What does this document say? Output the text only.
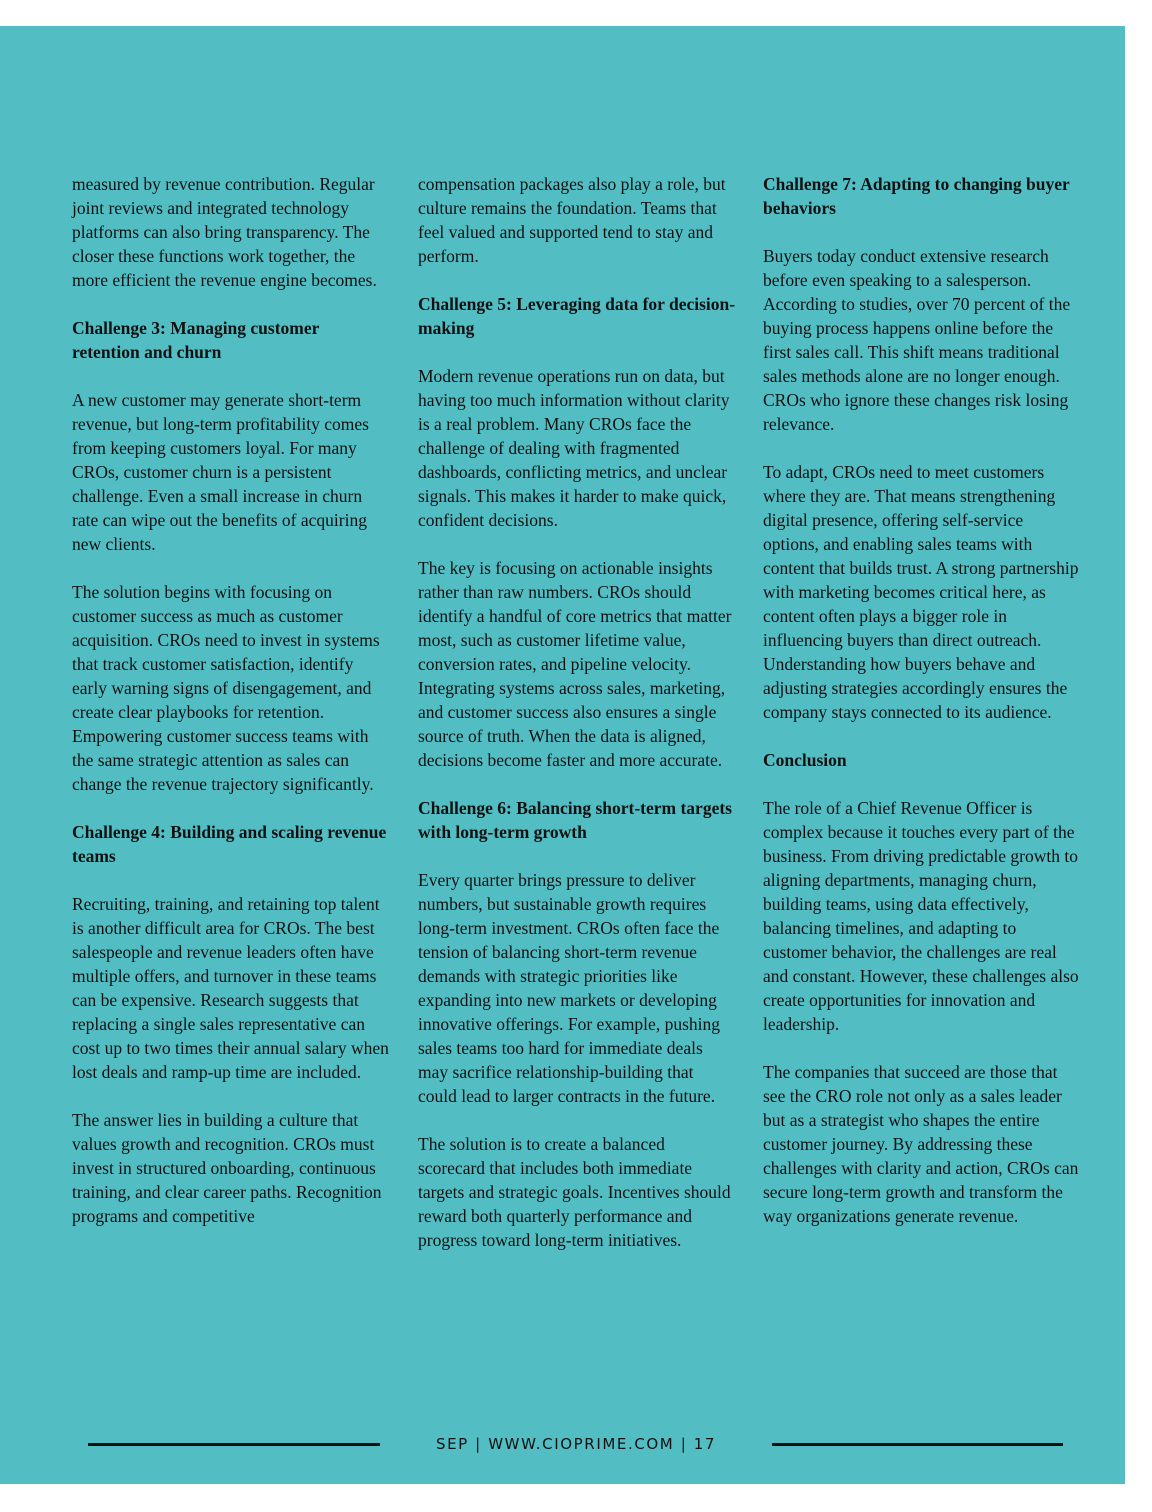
measured by revenue contribution. Regular joint reviews and integrated technology platforms can also bring transparency. The closer these functions work together, the more efficient the revenue engine becomes.

Challenge 3: Managing customer retention and churn

A new customer may generate short-term revenue, but long-term profitability comes from keeping customers loyal. For many CROs, customer churn is a persistent challenge. Even a small increase in churn rate can wipe out the benefits of acquiring new clients.

The solution begins with focusing on customer success as much as customer acquisition. CROs need to invest in systems that track customer satisfaction, identify early warning signs of disengagement, and create clear playbooks for retention. Empowering customer success teams with the same strategic attention as sales can change the revenue trajectory significantly.

Challenge 4: Building and scaling revenue teams

Recruiting, training, and retaining top talent is another difficult area for CROs. The best salespeople and revenue leaders often have multiple offers, and turnover in these teams can be expensive. Research suggests that replacing a single sales representative can cost up to two times their annual salary when lost deals and ramp-up time are included.

The answer lies in building a culture that values growth and recognition. CROs must invest in structured onboarding, continuous training, and clear career paths. Recognition programs and competitive

compensation packages also play a role, but culture remains the foundation. Teams that feel valued and supported tend to stay and perform.

Challenge 5: Leveraging data for decision-making

Modern revenue operations run on data, but having too much information without clarity is a real problem. Many CROs face the challenge of dealing with fragmented dashboards, conflicting metrics, and unclear signals. This makes it harder to make quick, confident decisions.

The key is focusing on actionable insights rather than raw numbers. CROs should identify a handful of core metrics that matter most, such as customer lifetime value, conversion rates, and pipeline velocity. Integrating systems across sales, marketing, and customer success also ensures a single source of truth. When the data is aligned, decisions become faster and more accurate.

Challenge 6: Balancing short-term targets with long-term growth

Every quarter brings pressure to deliver numbers, but sustainable growth requires long-term investment. CROs often face the tension of balancing short-term revenue demands with strategic priorities like expanding into new markets or developing innovative offerings. For example, pushing sales teams too hard for immediate deals may sacrifice relationship-building that could lead to larger contracts in the future.

The solution is to create a balanced scorecard that includes both immediate targets and strategic goals. Incentives should reward both quarterly performance and progress toward long-term initiatives.

Challenge 7: Adapting to changing buyer behaviors

Buyers today conduct extensive research before even speaking to a salesperson. According to studies, over 70 percent of the buying process happens online before the first sales call. This shift means traditional sales methods alone are no longer enough. CROs who ignore these changes risk losing relevance.

To adapt, CROs need to meet customers where they are. That means strengthening digital presence, offering self-service options, and enabling sales teams with content that builds trust. A strong partnership with marketing becomes critical here, as content often plays a bigger role in influencing buyers than direct outreach. Understanding how buyers behave and adjusting strategies accordingly ensures the company stays connected to its audience.

Conclusion

The role of a Chief Revenue Officer is complex because it touches every part of the business. From driving predictable growth to aligning departments, managing churn, building teams, using data effectively, balancing timelines, and adapting to customer behavior, the challenges are real and constant. However, these challenges also create opportunities for innovation and leadership.

The companies that succeed are those that see the CRO role not only as a sales leader but as a strategist who shapes the entire customer journey. By addressing these challenges with clarity and action, CROs can secure long-term growth and transform the way organizations generate revenue.

SEP | WWW.CIOPRIME.COM | 17
